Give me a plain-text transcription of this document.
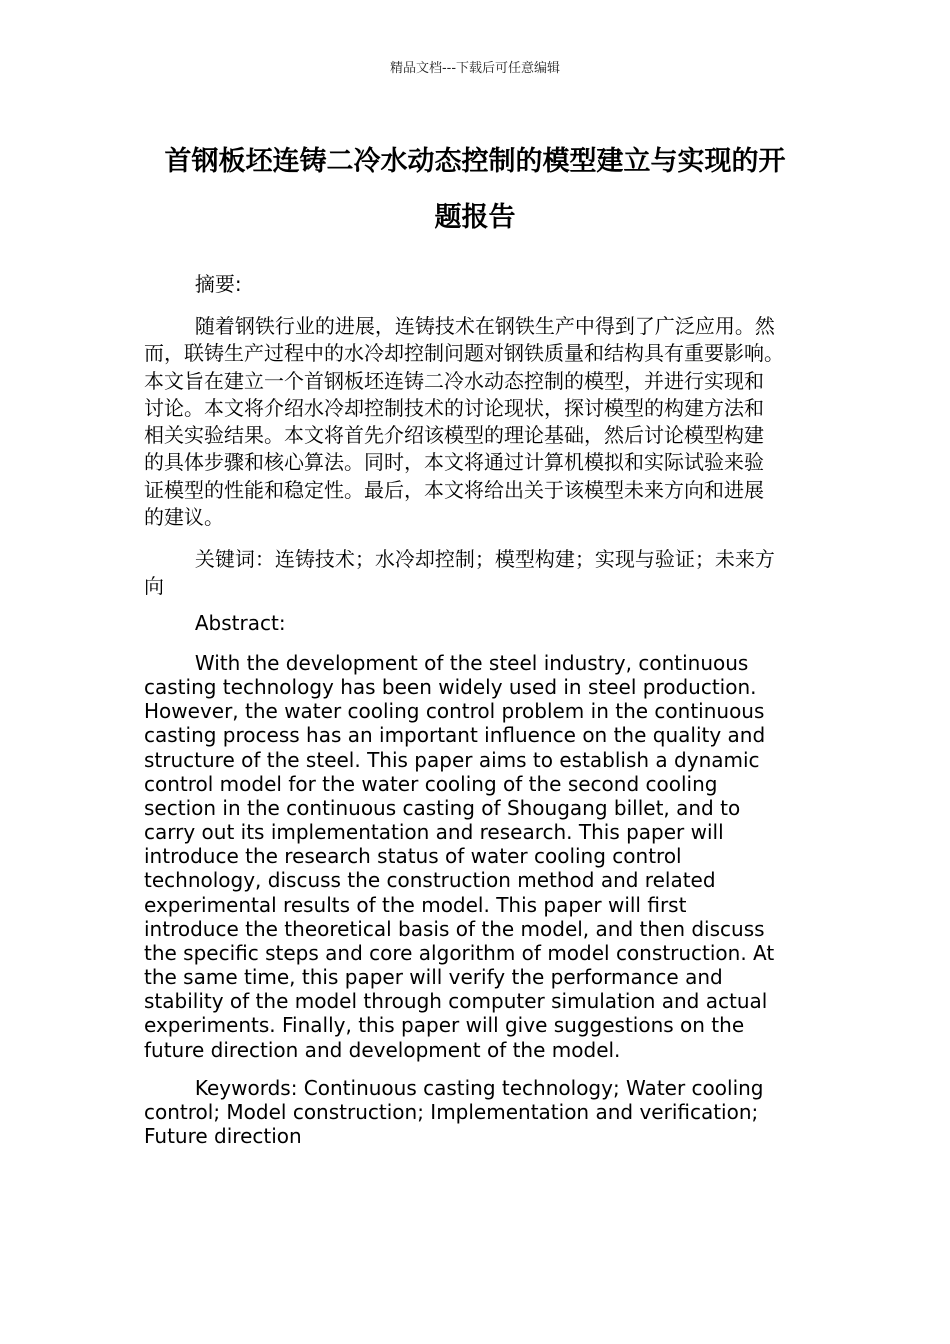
精品文档---下载后可任意编辑
首钢板坯连铸二冷水动态控制的模型建立与实现的开
题报告
摘要:
随着钢铁行业的进展，连铸技术在钢铁生产中得到了广泛应用。然
而，联铸生产过程中的水冷却控制问题对钢铁质量和结构具有重要影响。
本文旨在建立一个首钢板坯连铸二冷水动态控制的模型，并进行实现和
讨论。本文将介绍水冷却控制技术的讨论现状，探讨模型的构建方法和
相关实验结果。本文将首先介绍该模型的理论基础，然后讨论模型构建
的具体步骤和核心算法。同时，本文将通过计算机模拟和实际试验来验
证模型的性能和稳定性。最后，本文将给出关于该模型未来方向和进展
的建议。
关键词：连铸技术；水冷却控制；模型构建；实现与验证；未来方
向
Abstract:
With the development of the steel industry, continuous
casting technology has been widely used in steel production.
However, the water cooling control problem in the continuous
casting process has an important influence on the quality and
structure of the steel. This paper aims to establish a dynamic
control model for the water cooling of the second cooling
section in the continuous casting of Shougang billet, and to
carry out its implementation and research. This paper will
introduce the research status of water cooling control
technology, discuss the construction method and related
experimental results of the model. This paper will first
introduce the theoretical basis of the model, and then discuss
the specific steps and core algorithm of model construction. At
the same time, this paper will verify the performance and
stability of the model through computer simulation and actual
experiments. Finally, this paper will give suggestions on the
future direction and development of the model.
Keywords: Continuous casting technology; Water cooling
control; Model construction; Implementation and verification;
Future direction
